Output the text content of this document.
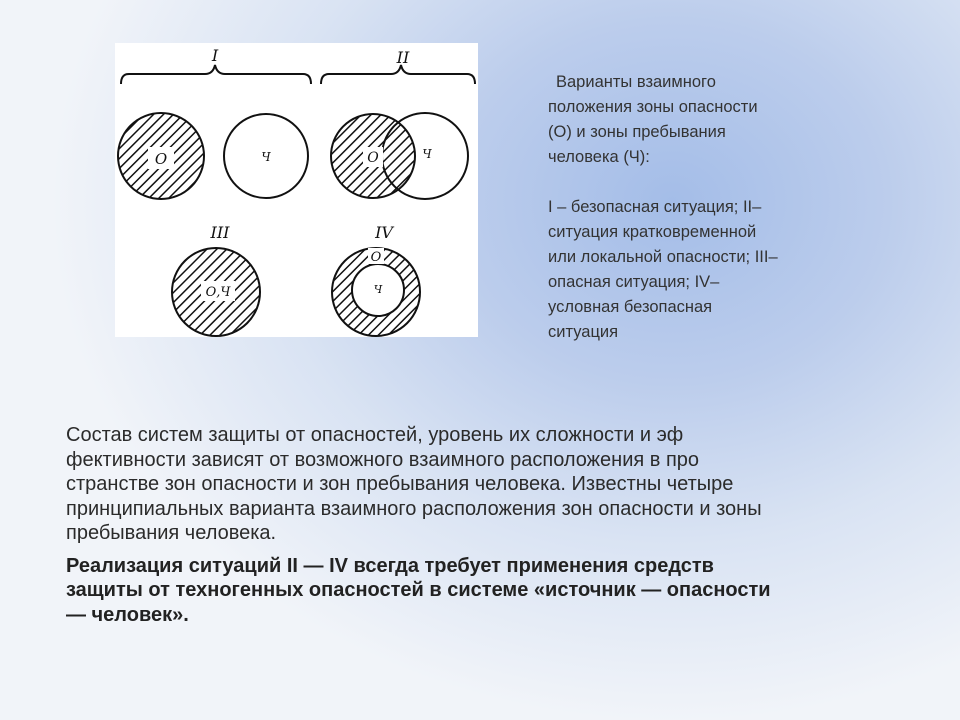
I	II
О	Ч	О	Ч
III
О,Ч
IV
О
Ч

Варианты взаимного

положения зоны опасности

(О) и зоны пребывания

человека (Ч):

I – безопасная ситуация; II–

ситуация кратковременной

или локальной опасности; III–

опасная ситуация; IV–

условная безопасная

ситуация

Состав систем защиты от опасностей, уровень их сложности и эф

фективности зависят от возможного взаимного расположения в про

странстве зон опасности и зон пребывания человека. Известны четыре

принципиальных варианта взаимного расположения зон опасности и зоны

пребывания человека.

Реализация ситуаций II — IV всегда требует применения средств

защиты от техногенных опасностей в системе «источник — опасности

— человек».
